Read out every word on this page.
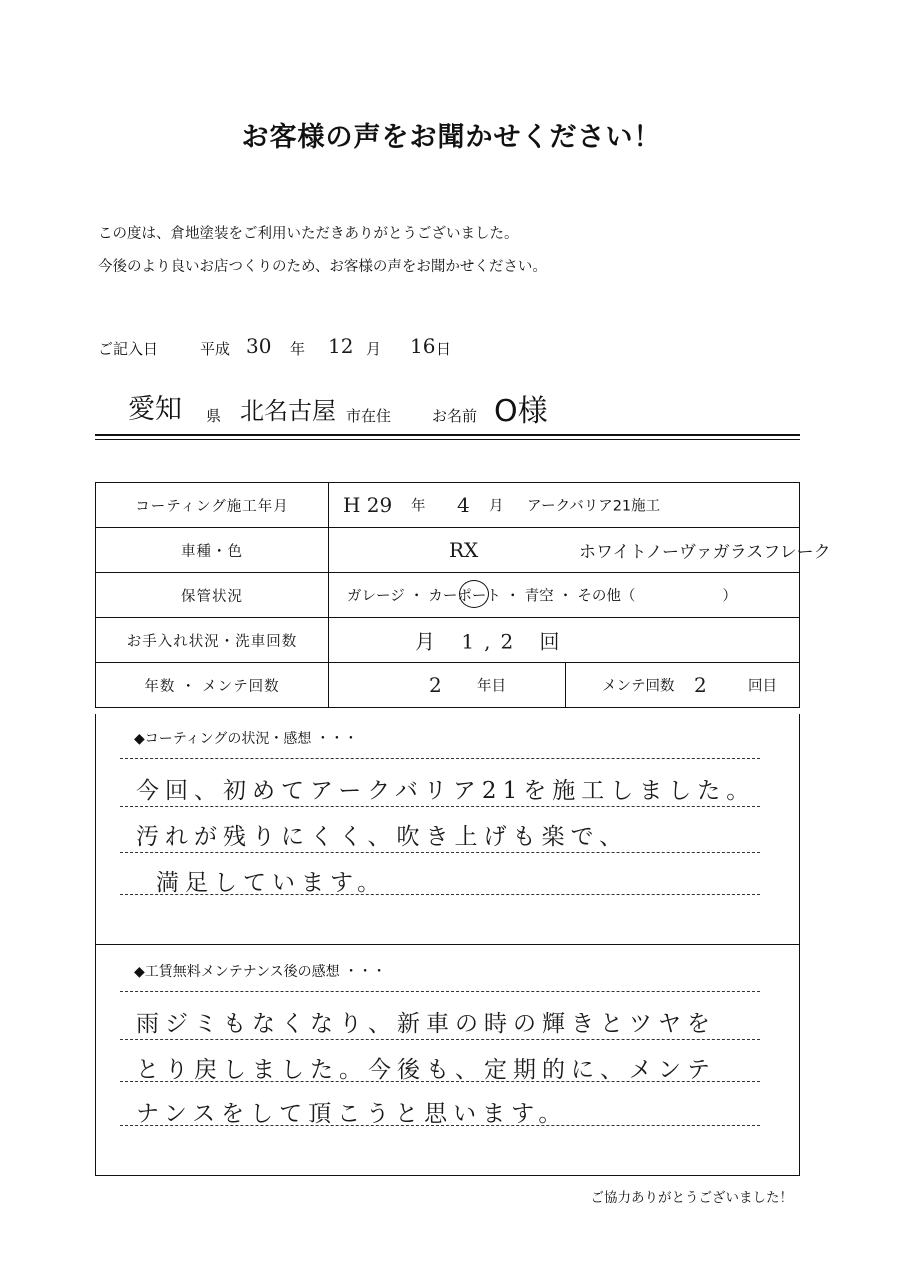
お客様の声をお聞かせください！
この度は、倉地塗装をご利用いただきありがとうございました。
今後のより良いお店つくりのため、お客様の声をお聞かせください。
ご記入日	平成 30 年 12 月 16 日
愛知 県 北名古屋 市在住	お名前 O様
コーティング施工年月	H 29 年 4 月 アークバリア21施工	

車種・色	RX ホワイトノーヴァガラスフレーク	

保管状況	ガレージ ・ カーポート ・ 青空 ・ その他（　　　　　　）	

お手入れ状況・洗車回数	月 1,2 回	

年数 ・ メンテ回数	2 年目	メンテ回数 2 回目
◆コーティングの状況・感想 ・・・
今回、初めてアークバリア21を施工しました。
汚れが残りにくく、吹き上げも楽で、
満足しています。
◆工賃無料メンテナンス後の感想 ・・・
雨ジミもなくなり、新車の時の輝きとツヤを
とり戻しました。今後も、定期的に、メンテ
ナンスをして頂こうと思います。
ご協力ありがとうございました！
